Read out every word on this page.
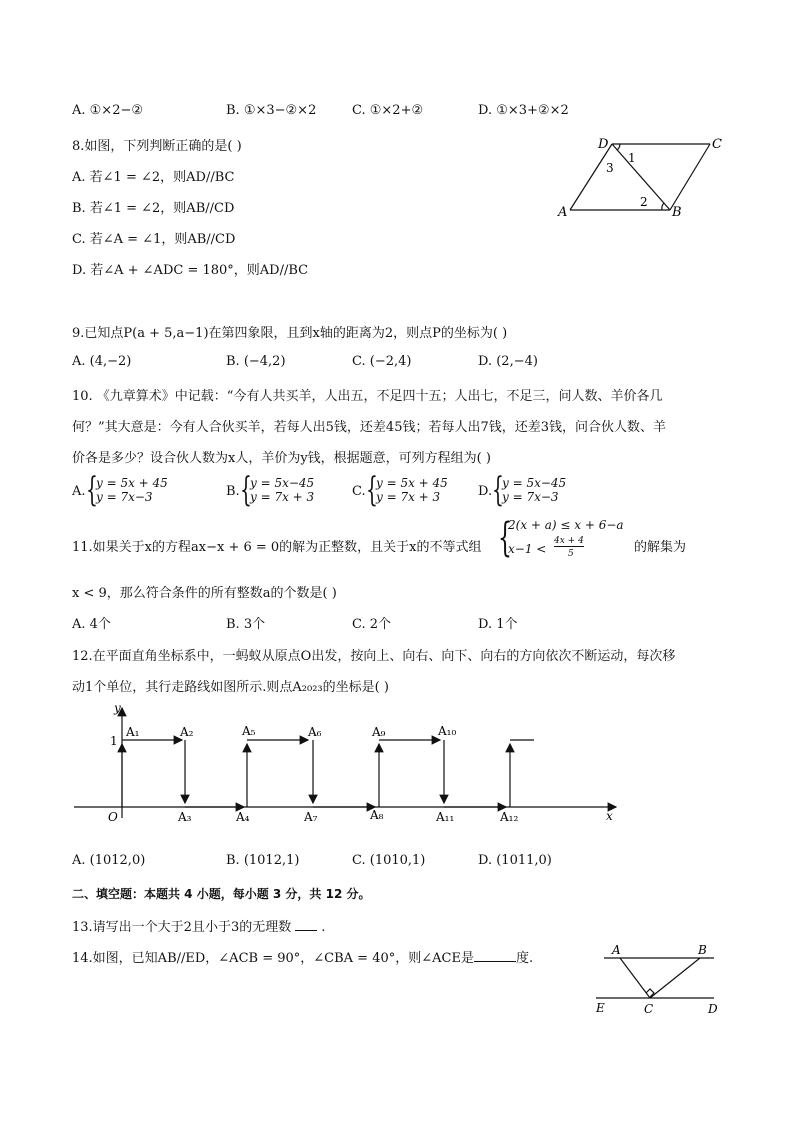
A. ①×2−②	B. ①×3−②×2	C. ①×2+②	D. ①×3+②×2
8.如图，下列判断正确的是( )
A. 若∠1 = ∠2，则AD//BC
B. 若∠1 = ∠2，则AB//CD
C. 若∠A = ∠1，则AB//CD
D. 若∠A + ∠ADC = 180°，则AD//BC
D	C
A	B
1
2
3
9.已知点P(a + 5,a−1)在第四象限，且到x轴的距离为2，则点P的坐标为( )
A. (4,−2)	B. (−4,2)	C. (−2,4)	D. (2,−4)
10. 《九章算术》中记载：“今有人共买羊，人出五，不足四十五；人出七，不足三，问人数、羊价各几
何？”其大意是：今有人合伙买羊，若每人出5钱，还差45钱；若每人出7钱，还差3钱，问合伙人数、羊
价各是多少？设合伙人数为x人，羊价为y钱，根据题意，可列方程组为( )
A. {
y = 5x + 45
y = 7x−3	B. {
y = 5x−45
y = 7x + 3	C. {
y = 5x + 45
y = 7x + 3	D. {
y = 5x−45
y = 7x−3
11.如果关于x的方程ax−x + 6 = 0的解为正整数，且关于x的不等式组 {
2(x + a) ≤ x + 6−a
x−1 <
4x + 4
5	的解集为
x < 9，那么符合条件的所有整数a的个数是( )
A. 4个	B. 3个	C. 2个	D. 1个
12.在平面直角坐标系中，一蚂蚁从原点O出发，按向上、向右、向下、向右的方向依次不断运动，每次移
动1个单位，其行走路线如图所示.则点A₂₀₂₃的坐标是( )
y
x
O
1
A₁	A₂
A₃	A₄
A₅	A₆
A₇	A₈
A₉	A₁₀
A₁₁	A₁₂
A. (1012,0)	B. (1012,1)	C. (1010,1)	D. (1011,0)
二、填空题：本题共 4 小题，每小题 3 分，共 12 分。
13.请写出一个大于2且小于3的无理数 .
14.如图，已知AB//ED，∠ACB = 90°，∠CBA = 40°，则∠ACE是	度.
A	B
E	C	D
